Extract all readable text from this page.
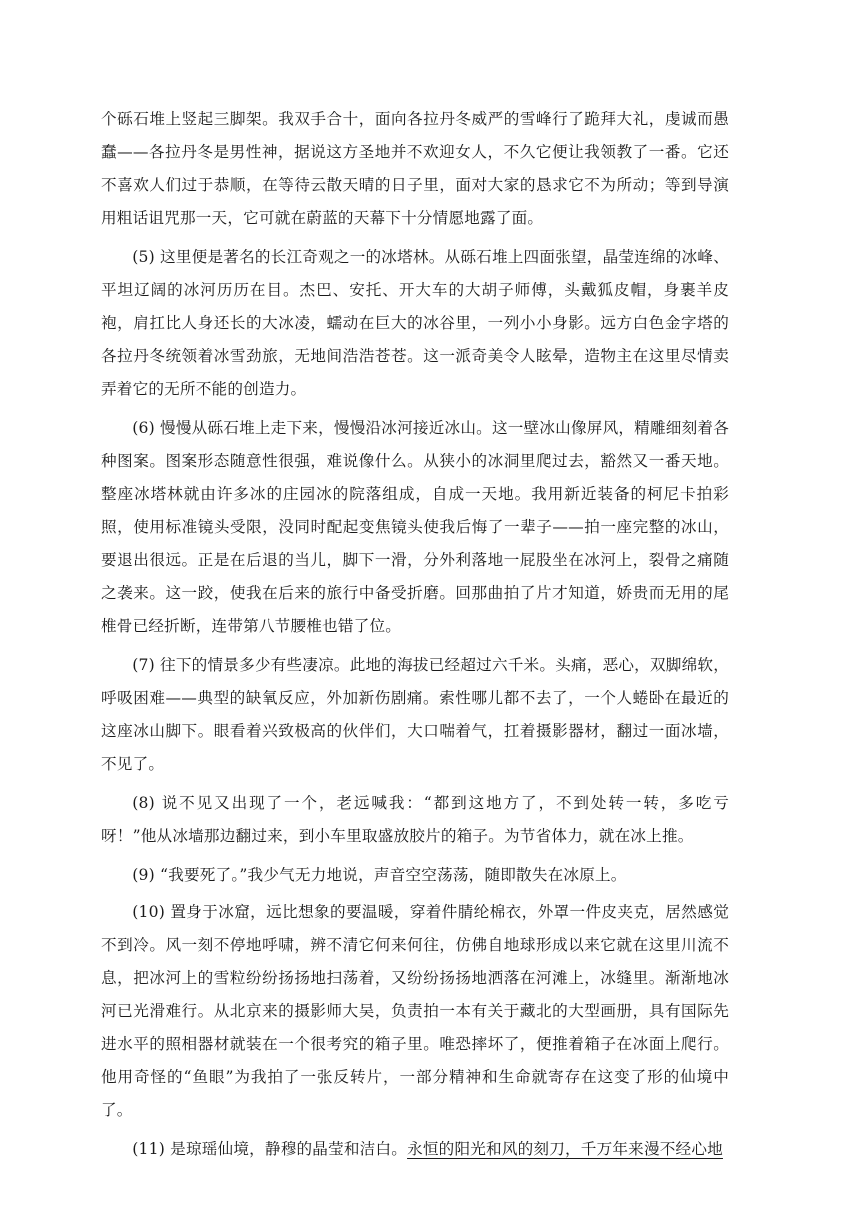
个砾石堆上竖起三脚架。我双手合十，面向各拉丹冬威严的雪峰行了跪拜大礼，虔诚而愚蠢——各拉丹冬是男性神，据说这方圣地并不欢迎女人，不久它便让我领教了一番。它还不喜欢人们过于恭顺，在等待云散天晴的日子里，面对大家的恳求它不为所动；等到导演用粗话诅咒那一天，它可就在蔚蓝的天幕下十分情愿地露了面。

(5) 这里便是著名的长江奇观之一的冰塔林。从砾石堆上四面张望，晶莹连绵的冰峰、平坦辽阔的冰河历历在目。杰巴、安托、开大车的大胡子师傅，头戴狐皮帽，身裹羊皮袍，肩扛比人身还长的大冰凌，蠕动在巨大的冰谷里，一列小小身影。远方白色金字塔的各拉丹冬统领着冰雪劲旅，无地间浩浩苍苍。这一派奇美令人眩晕，造物主在这里尽情卖弄着它的无所不能的创造力。

(6) 慢慢从砾石堆上走下来，慢慢沿冰河接近冰山。这一壁冰山像屏风，精雕细刻着各种图案。图案形态随意性很强，难说像什么。从狭小的冰洞里爬过去，豁然又一番天地。整座冰塔林就由许多冰的庄园冰的院落组成，自成一天地。我用新近装备的柯尼卡拍彩照，使用标准镜头受限，没同时配起变焦镜头使我后悔了一辈子——拍一座完整的冰山，要退出很远。正是在后退的当儿，脚下一滑，分外利落地一屁股坐在冰河上，裂骨之痛随之袭来。这一跤，使我在后来的旅行中备受折磨。回那曲拍了片才知道，娇贵而无用的尾椎骨已经折断，连带第八节腰椎也错了位。

(7) 往下的情景多少有些凄凉。此地的海拔已经超过六千米。头痛，恶心，双脚绵软，呼吸困难——典型的缺氧反应，外加新伤剧痛。索性哪儿都不去了，一个人蜷卧在最近的这座冰山脚下。眼看着兴致极高的伙伴们，大口喘着气，扛着摄影器材，翻过一面冰墙，不见了。

(8) 说不见又出现了一个，老远喊我：“都到这地方了，不到处转一转，多吃亏呀！”他从冰墙那边翻过来，到小车里取盛放胶片的箱子。为节省体力，就在冰上推。

(9) “我要死了。”我少气无力地说，声音空空荡荡，随即散失在冰原上。

(10) 置身于冰窟，远比想象的要温暖，穿着件腈纶棉衣，外罩一件皮夹克，居然感觉不到冷。风一刻不停地呼啸，辨不清它何来何往，仿佛自地球形成以来它就在这里川流不息，把冰河上的雪粒纷纷扬扬地扫荡着，又纷纷扬扬地洒落在河滩上，冰缝里。渐渐地冰河已光滑难行。从北京来的摄影师大吴，负责拍一本有关于藏北的大型画册，具有国际先进水平的照相器材就装在一个很考究的箱子里。唯恐摔坏了，便推着箱子在冰面上爬行。他用奇怪的“鱼眼”为我拍了一张反转片，一部分精神和生命就寄存在这变了形的仙境中了。

(11) 是琼瑶仙境，静穆的晶莹和洁白。永恒的阳光和风的刻刀，千万年来漫不经心地
